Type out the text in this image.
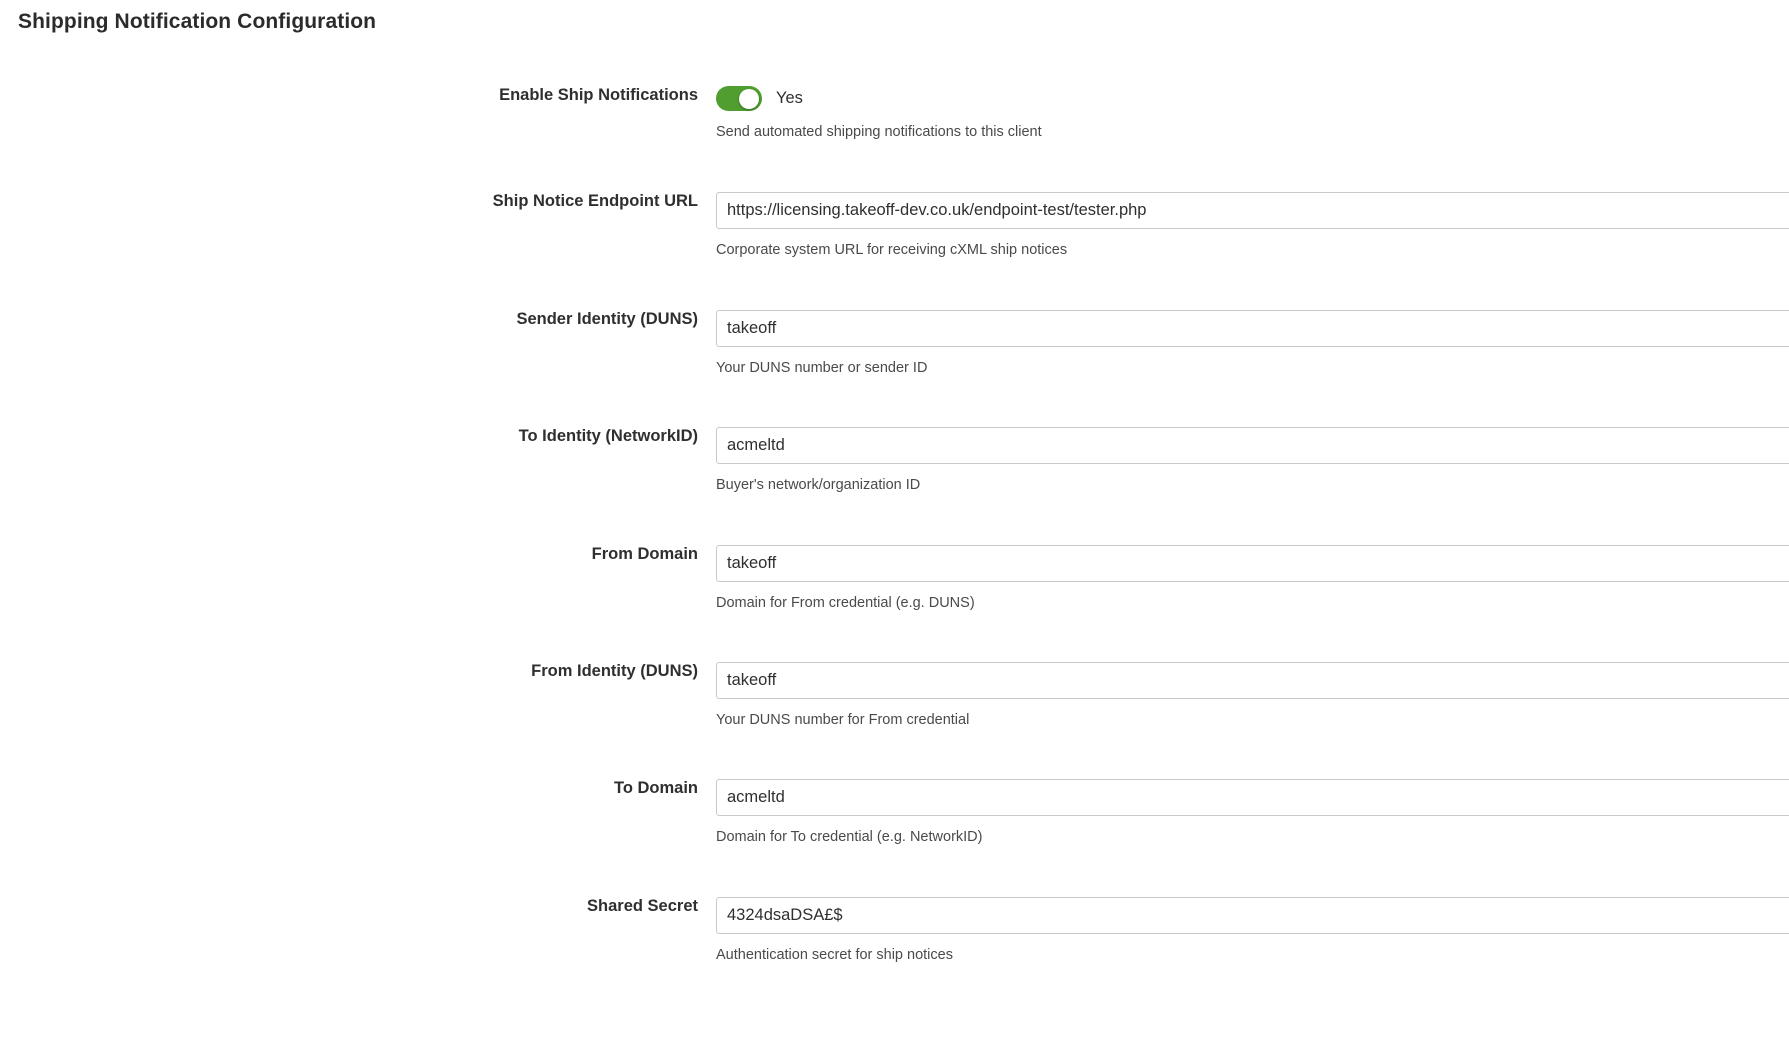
Shipping Notification Configuration
Enable Ship Notifications	Yes
Send automated shipping notifications to this client
Ship Notice Endpoint URL
https://licensing.takeoff-dev.co.uk/endpoint-test/tester.php
Corporate system URL for receiving cXML ship notices
Sender Identity (DUNS)
takeoff
Your DUNS number or sender ID
To Identity (NetworkID)
acmeltd
Buyer's network/organization ID
From Domain
takeoff
Domain for From credential (e.g. DUNS)
From Identity (DUNS)
takeoff
Your DUNS number for From credential
To Domain
acmeltd
Domain for To credential (e.g. NetworkID)
Shared Secret
4324dsaDSA£$
Authentication secret for ship notices
